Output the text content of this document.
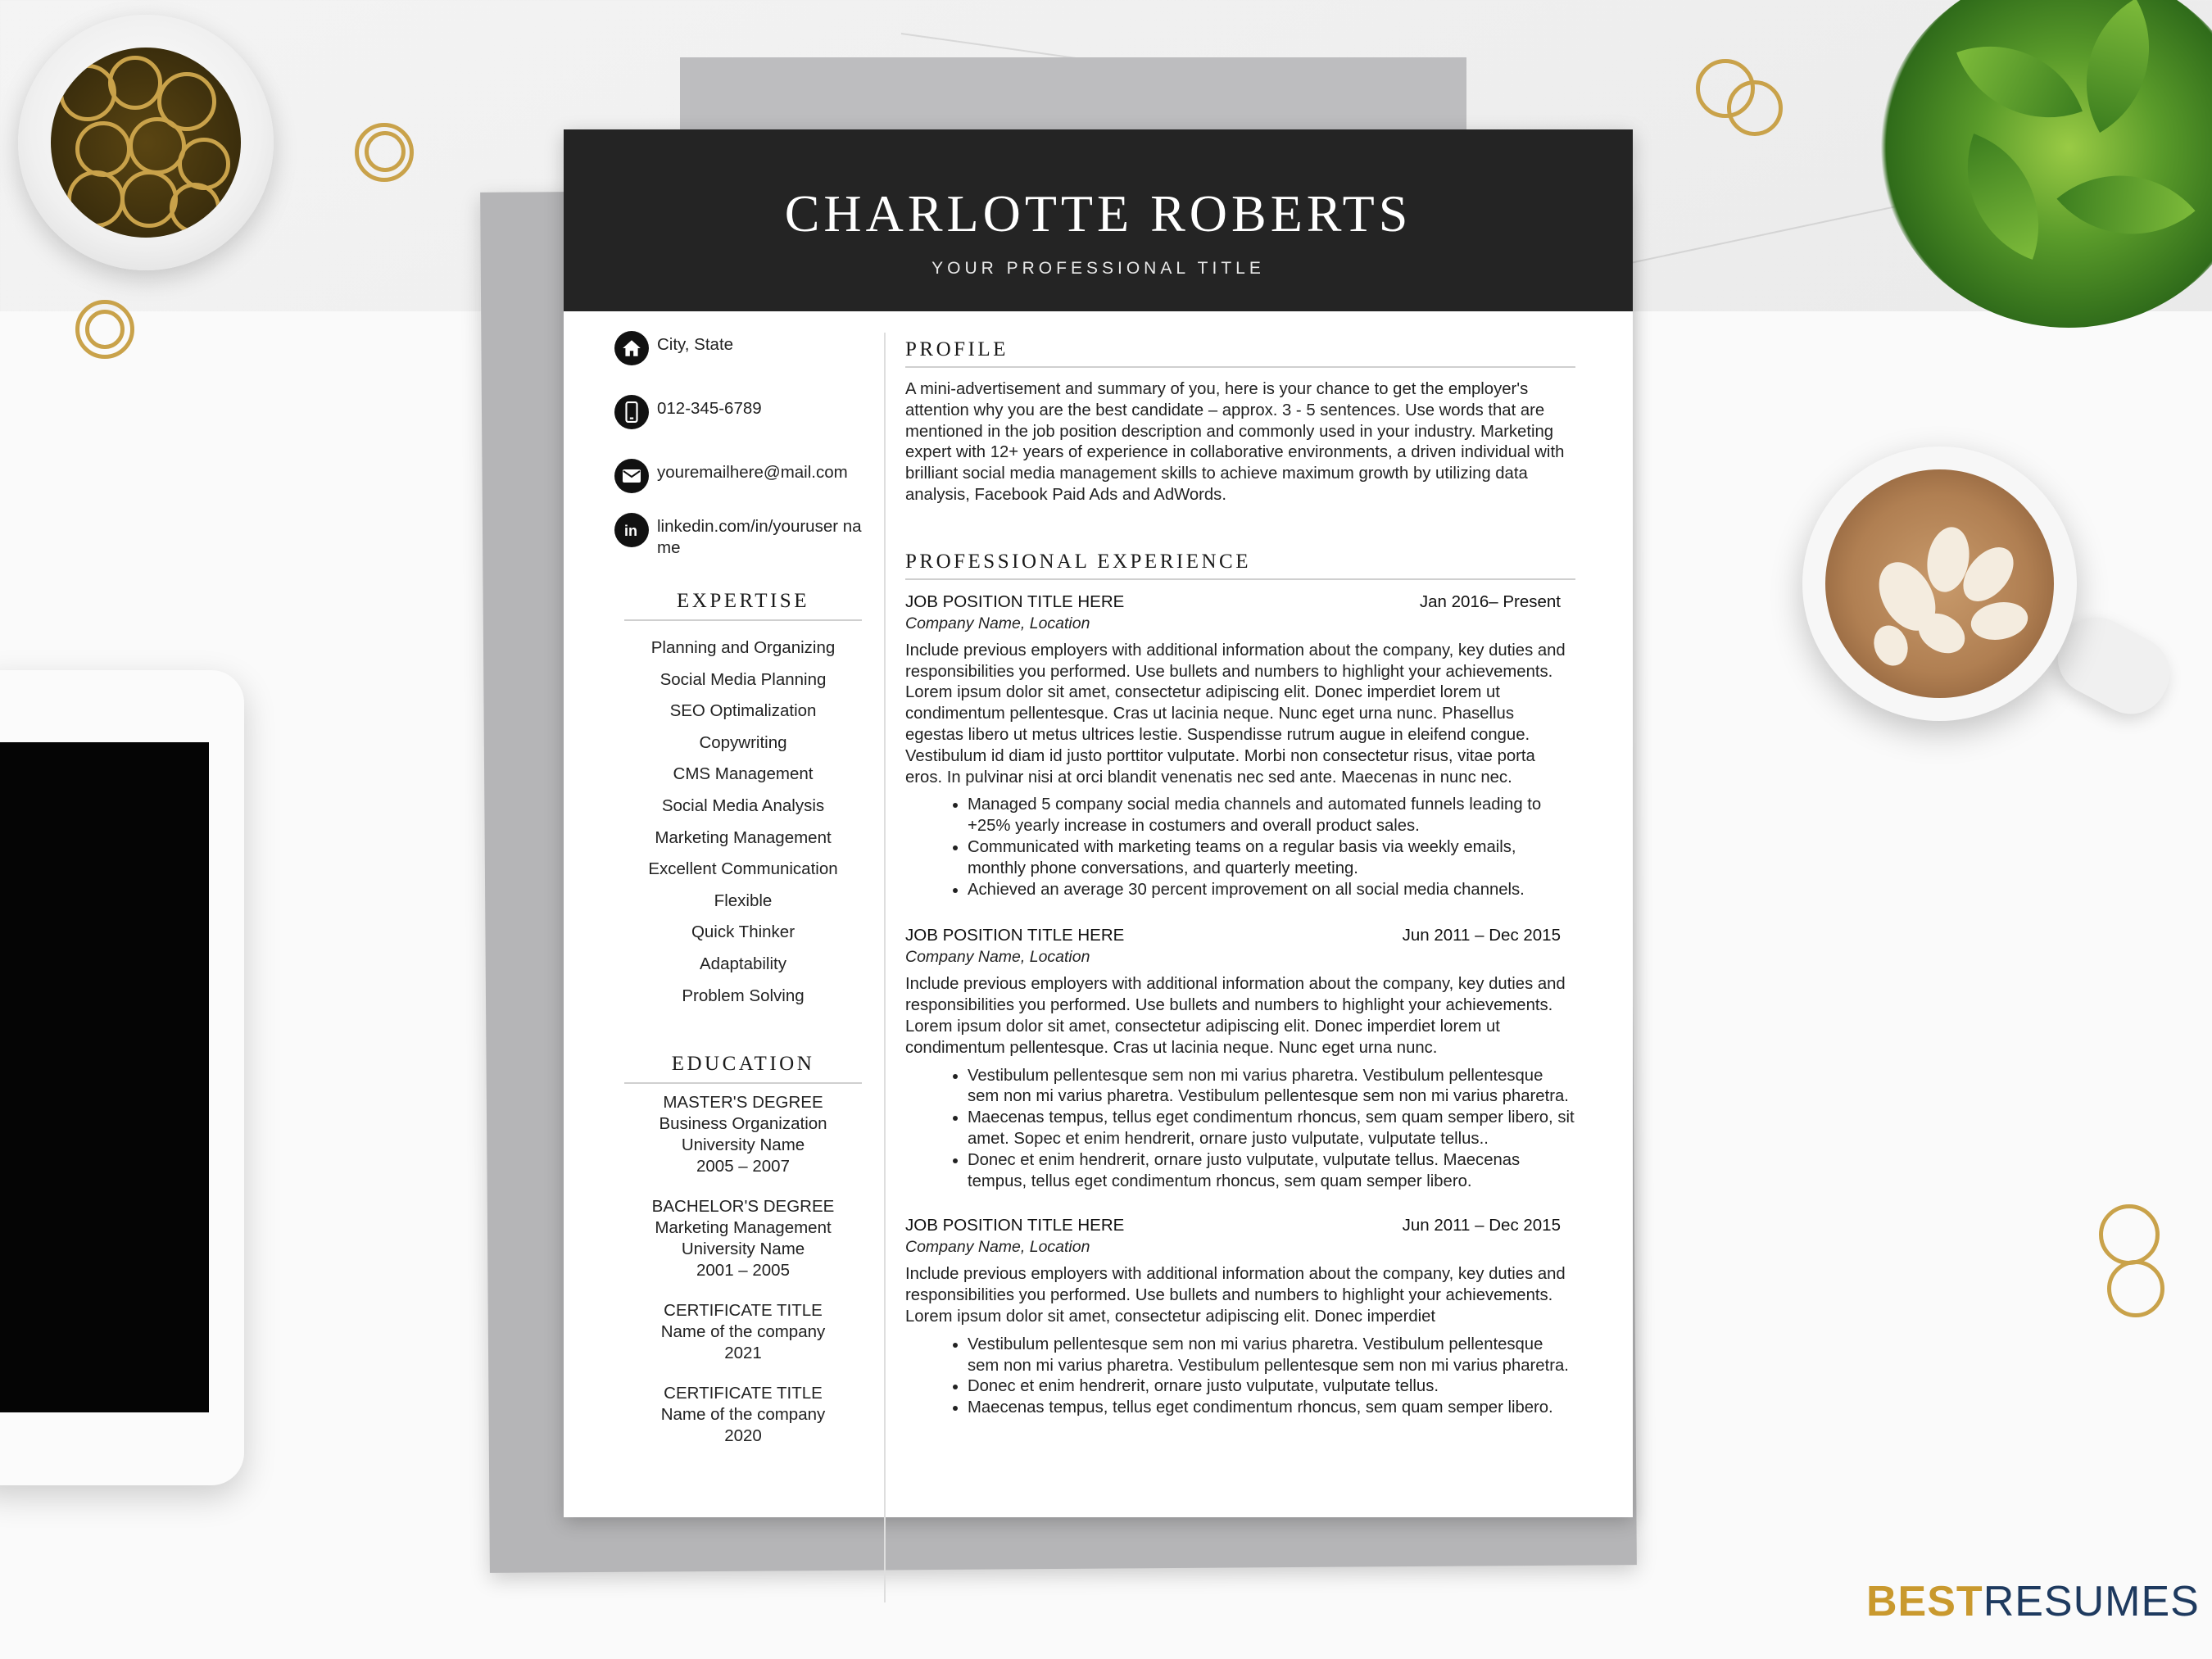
CHARLOTTE ROBERTS
YOUR PROFESSIONAL TITLE
City, State
012-345-6789
youremailhere@mail.com
in linkedin.com/in/youruser name
EXPERTISE
Planning and Organizing
Social Media Planning
SEO Optimalization
Copywriting
CMS Management
Social Media Analysis
Marketing Management
Excellent Communication
Flexible
Quick Thinker
Adaptability
Problem Solving
EDUCATION
MASTER'S DEGREE
Business Organization
University Name
2005 – 2007
BACHELOR'S DEGREE
Marketing Management
University Name
2001 – 2005
CERTIFICATE TITLE
Name of the company
2021
CERTIFICATE TITLE
Name of the company
2020
PROFILE
A mini-advertisement and summary of you, here is your chance to get the employer's attention why you are the best candidate – approx. 3 - 5 sentences. Use words that are mentioned in the job position description and commonly used in your industry. Marketing expert with 12+ years of experience in collaborative environments, a driven individual with brilliant social media management skills to achieve maximum growth by utilizing data analysis, Facebook Paid Ads and AdWords.
PROFESSIONAL EXPERIENCE
JOB POSITION TITLE HERE	Jan 2016– Present
Company Name, Location
Include previous employers with additional information about the company, key duties and responsibilities you performed. Use bullets and numbers to highlight your achievements. Lorem ipsum dolor sit amet, consectetur adipiscing elit. Donec imperdiet lorem ut condimentum pellentesque. Cras ut lacinia neque. Nunc eget urna nunc. Phasellus egestas libero ut metus ultrices lestie. Suspendisse rutrum augue in eleifend congue. Vestibulum id diam id justo porttitor vulputate. Morbi non consectetur risus, vitae porta eros. In pulvinar nisi at orci blandit venenatis nec sed ante. Maecenas in nunc nec.
• Managed 5 company social media channels and automated funnels leading to +25% yearly increase in costumers and overall product sales.
• Communicated with marketing teams on a regular basis via weekly emails, monthly phone conversations, and quarterly meeting.
• Achieved an average 30 percent improvement on all social media channels.
JOB POSITION TITLE HERE	Jun 2011 – Dec 2015
Company Name, Location
Include previous employers with additional information about the company, key duties and responsibilities you performed. Use bullets and numbers to highlight your achievements. Lorem ipsum dolor sit amet, consectetur adipiscing elit. Donec imperdiet lorem ut condimentum pellentesque. Cras ut lacinia neque. Nunc eget urna nunc.
• Vestibulum pellentesque sem non mi varius pharetra. Vestibulum pellentesque sem non mi varius pharetra. Vestibulum pellentesque sem non mi varius pharetra.
• Maecenas tempus, tellus eget condimentum rhoncus, sem quam semper libero, sit amet. Sopec et enim hendrerit, ornare justo vulputate, vulputate tellus..
• Donec et enim hendrerit, ornare justo vulputate, vulputate tellus. Maecenas tempus, tellus eget condimentum rhoncus, sem quam semper libero.
JOB POSITION TITLE HERE	Jun 2011 – Dec 2015
Company Name, Location
Include previous employers with additional information about the company, key duties and responsibilities you performed. Use bullets and numbers to highlight your achievements. Lorem ipsum dolor sit amet, consectetur adipiscing elit. Donec imperdiet
• Vestibulum pellentesque sem non mi varius pharetra. Vestibulum pellentesque sem non mi varius pharetra. Vestibulum pellentesque sem non mi varius pharetra.
• Donec et enim hendrerit, ornare justo vulputate, vulputate tellus.
• Maecenas tempus, tellus eget condimentum rhoncus, sem quam semper libero.
BESTRESUMES
